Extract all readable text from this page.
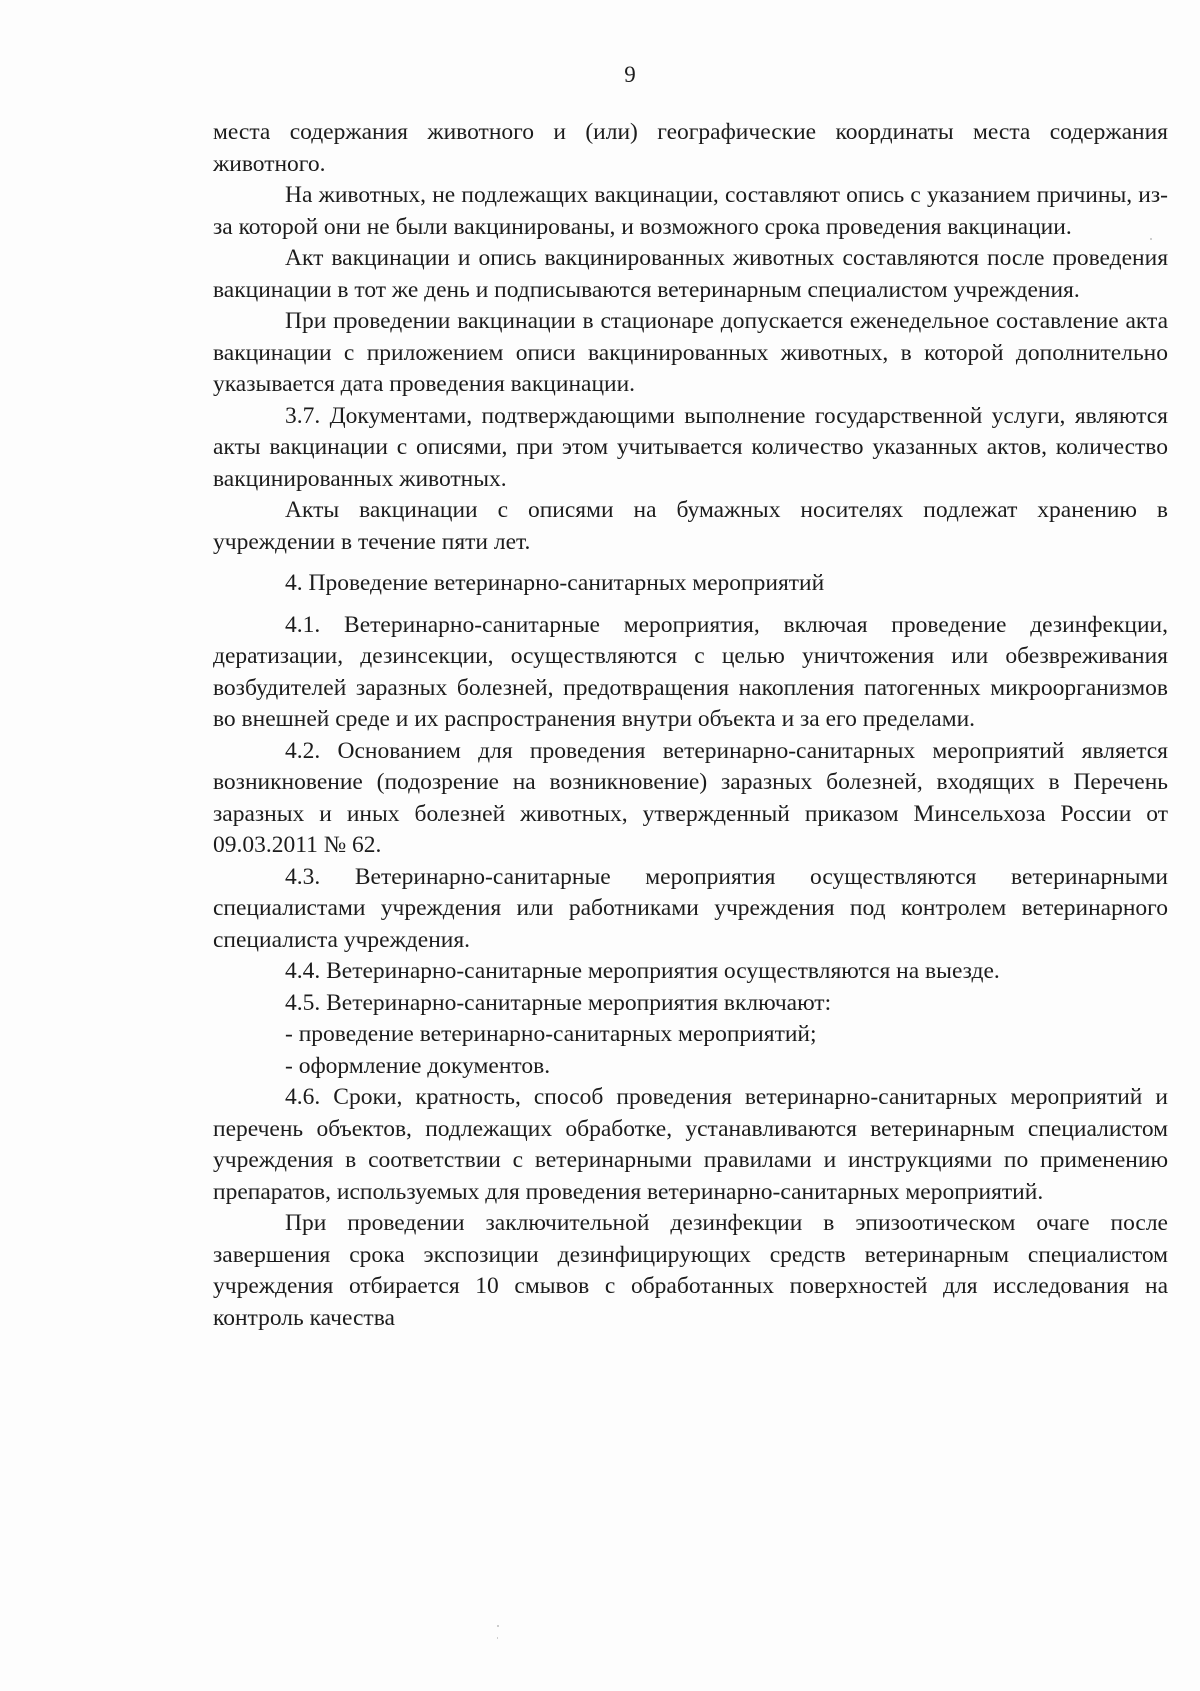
9

места содержания животного и (или) географические координаты места содержания животного.

На животных, не подлежащих вакцинации, составляют опись с указанием причины, из-за которой они не были вакцинированы, и возможного срока проведения вакцинации.

Акт вакцинации и опись вакцинированных животных составляются после проведения вакцинации в тот же день и подписываются ветеринарным специалистом учреждения.

При проведении вакцинации в стационаре допускается еженедельное составление акта вакцинации с приложением описи вакцинированных животных, в которой дополнительно указывается дата проведения вакцинации.

3.7. Документами, подтверждающими выполнение государственной услуги, являются акты вакцинации с описями, при этом учитывается количество указанных актов, количество вакцинированных животных.

Акты вакцинации с описями на бумажных носителях подлежат хранению в учреждении в течение пяти лет.

4. Проведение ветеринарно-санитарных мероприятий

4.1. Ветеринарно-санитарные мероприятия, включая проведение дезинфекции, дератизации, дезинсекции, осуществляются с целью уничтожения или обезвреживания возбудителей заразных болезней, предотвращения накопления патогенных микроорганизмов во внешней среде и их распространения внутри объекта и за его пределами.

4.2. Основанием для проведения ветеринарно-санитарных мероприятий является возникновение (подозрение на возникновение) заразных болезней, входящих в Перечень заразных и иных болезней животных, утвержденный приказом Минсельхоза России от 09.03.2011 № 62.

4.3. Ветеринарно-санитарные мероприятия осуществляются ветеринарными специалистами учреждения или работниками учреждения под контролем ветеринарного специалиста учреждения.

4.4. Ветеринарно-санитарные мероприятия осуществляются на выезде.

4.5. Ветеринарно-санитарные мероприятия включают:

- проведение ветеринарно-санитарных мероприятий;

- оформление документов.

4.6. Сроки, кратность, способ проведения ветеринарно-санитарных мероприятий и перечень объектов, подлежащих обработке, устанавливаются ветеринарным специалистом учреждения в соответствии с ветеринарными правилами и инструкциями по применению препаратов, используемых для проведения ветеринарно-санитарных мероприятий.

При проведении заключительной дезинфекции в эпизоотическом очаге после завершения срока экспозиции дезинфицирующих средств ветеринарным специалистом учреждения отбирается 10 смывов с обработанных поверхностей для исследования на контроль качества
